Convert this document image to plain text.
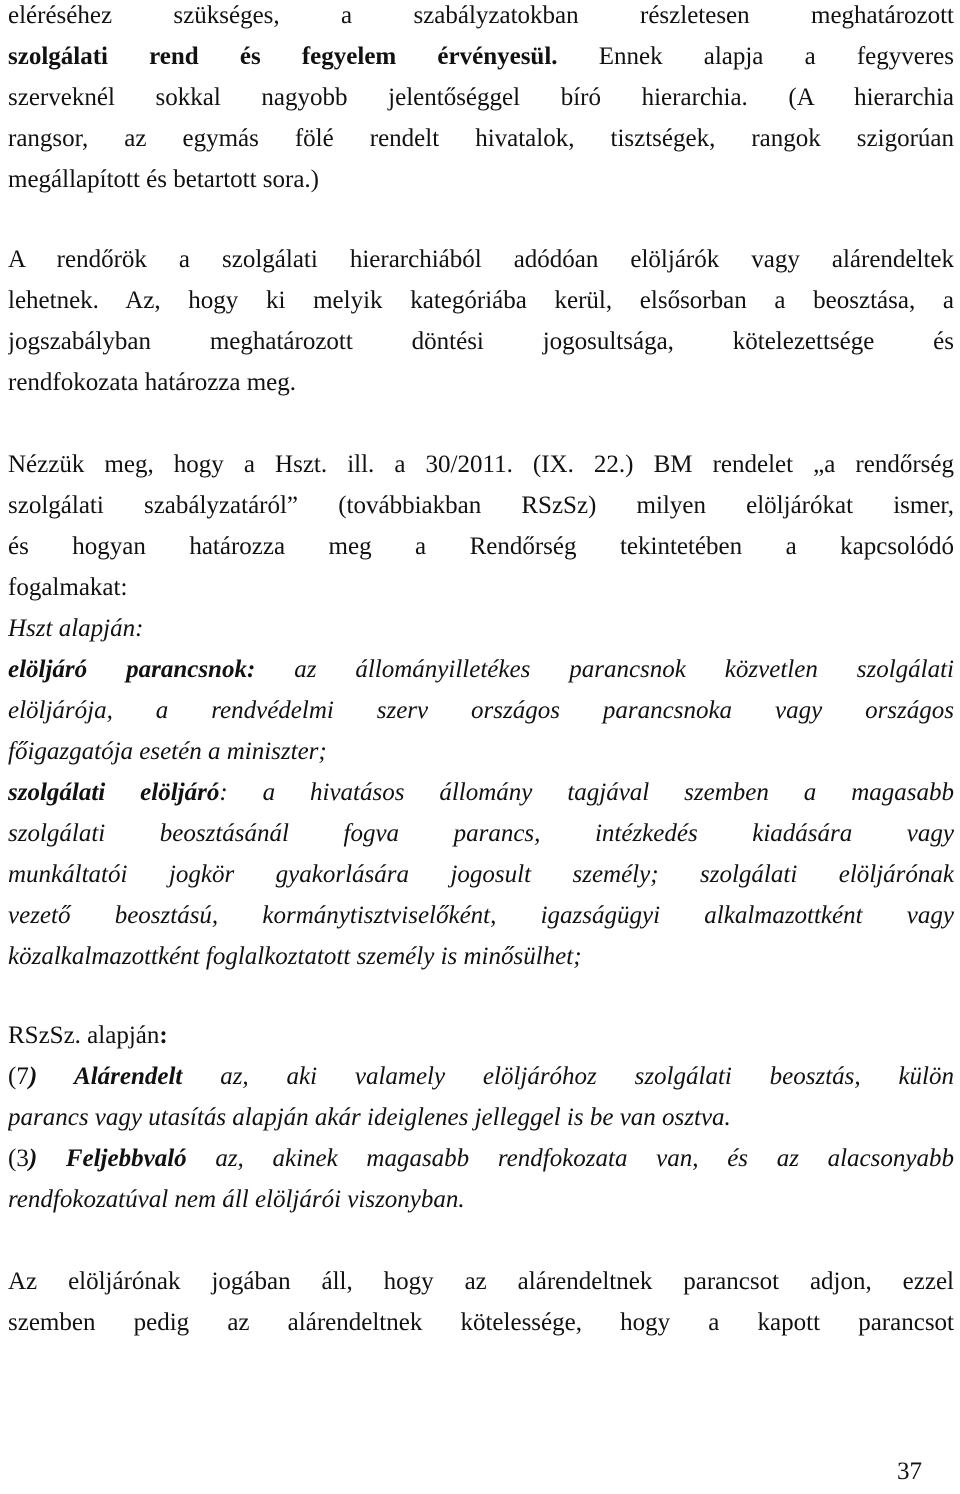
eléréséhez szükséges, a szabályzatokban részletesen meghatározott
szolgálati rend és fegyelem érvényesül. Ennek alapja a fegyveres
szerveknél sokkal nagyobb jelentőséggel bíró hierarchia. (A hierarchia
rangsor, az egymás fölé rendelt hivatalok, tisztségek, rangok szigorúan
megállapított és betartott sora.)
A rendőrök a szolgálati hierarchiából adódóan elöljárók vagy alárendeltek
lehetnek. Az, hogy ki melyik kategóriába kerül, elsősorban a beosztása, a
jogszabályban meghatározott döntési jogosultsága, kötelezettsége és
rendfokozata határozza meg.
Nézzük meg, hogy a Hszt. ill. a 30/2011. (IX. 22.) BM rendelet „a rendőrség
szolgálati szabályzatáról” (továbbiakban RSzSz) milyen elöljárókat ismer,
és hogyan határozza meg a Rendőrség tekintetében a kapcsolódó
fogalmakat:
Hszt alapján:
elöljáró parancsnok: az állományilletékes parancsnok közvetlen szolgálati
elöljárója, a rendvédelmi szerv országos parancsnoka vagy országos
főigazgatója esetén a miniszter;
szolgálati elöljáró: a hivatásos állomány tagjával szemben a magasabb
szolgálati beosztásánál fogva parancs, intézkedés kiadására vagy
munkáltatói jogkör gyakorlására jogosult személy; szolgálati elöljárónak
vezető beosztású, kormánytisztviselőként, igazságügyi alkalmazottként vagy
közalkalmazottként foglalkoztatott személy is minősülhet;
RSzSz. alapján:
(7) Alárendelt az, aki valamely elöljáróhoz szolgálati beosztás, külön
parancs vagy utasítás alapján akár ideiglenes jelleggel is be van osztva.
(3) Feljebbvaló az, akinek magasabb rendfokozata van, és az alacsonyabb
rendfokozatúval nem áll elöljárói viszonyban.
Az elöljárónak jogában áll, hogy az alárendeltnek parancsot adjon, ezzel
szemben pedig az alárendeltnek kötelessége, hogy a kapott parancsot
37
